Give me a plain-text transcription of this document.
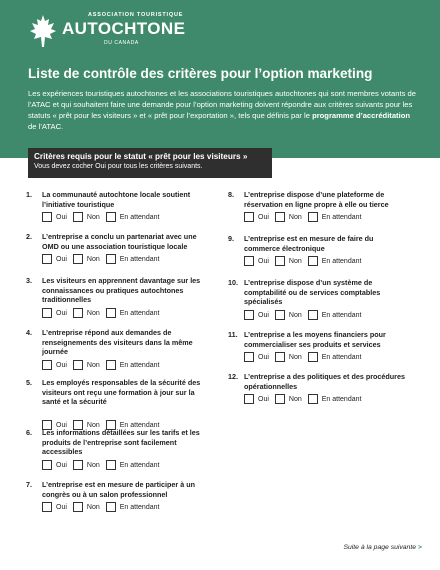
ASSOCIATION TOURISTIQUE
AUTOCHTONE
DU CANADA
Liste de contrôle des critères pour l’option marketing
Les expériences touristiques autochtones et les associations touristiques autochtones qui sont membres votants de l’ATAC et qui souhaitent faire une demande pour l’option marketing doivent répondre aux critères suivants pour les statuts « prêt pour les visiteurs » et « prêt pour l’exportation », tels que définis par le programme d’accréditation de l’ATAC.
Critères requis pour le statut « prêt pour les visiteurs »
Vous devez cocher Oui pour tous les critères suivants.
1.	La communauté autochtone locale soutient l’initiative touristique
Oui	Non	En attendant
2.	L’entreprise a conclu un partenariat avec une OMD ou une association touristique locale
Oui	Non	En attendant
3.	Les visiteurs en apprennent davantage sur les connaissances ou pratiques autochtones traditionnelles
Oui	Non	En attendant
4.	L’entreprise répond aux demandes de renseignements des visiteurs dans la même journée
Oui	Non	En attendant
5.	Les employés responsables de la sécurité des visiteurs ont reçu une formation à jour sur la santé et la sécurité
Oui	Non	En attendant
6.	Les informations détaillées sur les tarifs et les produits de l’entreprise sont facilement accessibles
Oui	Non	En attendant
7.	L’entreprise est en mesure de participer à un congrès ou à un salon professionnel
Oui	Non	En attendant
8.	L’entreprise dispose d’une plateforme de réservation en ligne propre à elle ou tierce
Oui	Non	En attendant
9.	L’entreprise est en mesure de faire du commerce électronique
Oui	Non	En attendant
10. L’entreprise dispose d’un système de comptabilité ou de services comptables spécialisés
Oui	Non	En attendant
11. L’entreprise a les moyens financiers pour commercialiser ses produits et services
Oui	Non	En attendant
12. L’entreprise a des politiques et des procédures opérationnelles
Oui	Non	En attendant
Suite à la page suivante >
